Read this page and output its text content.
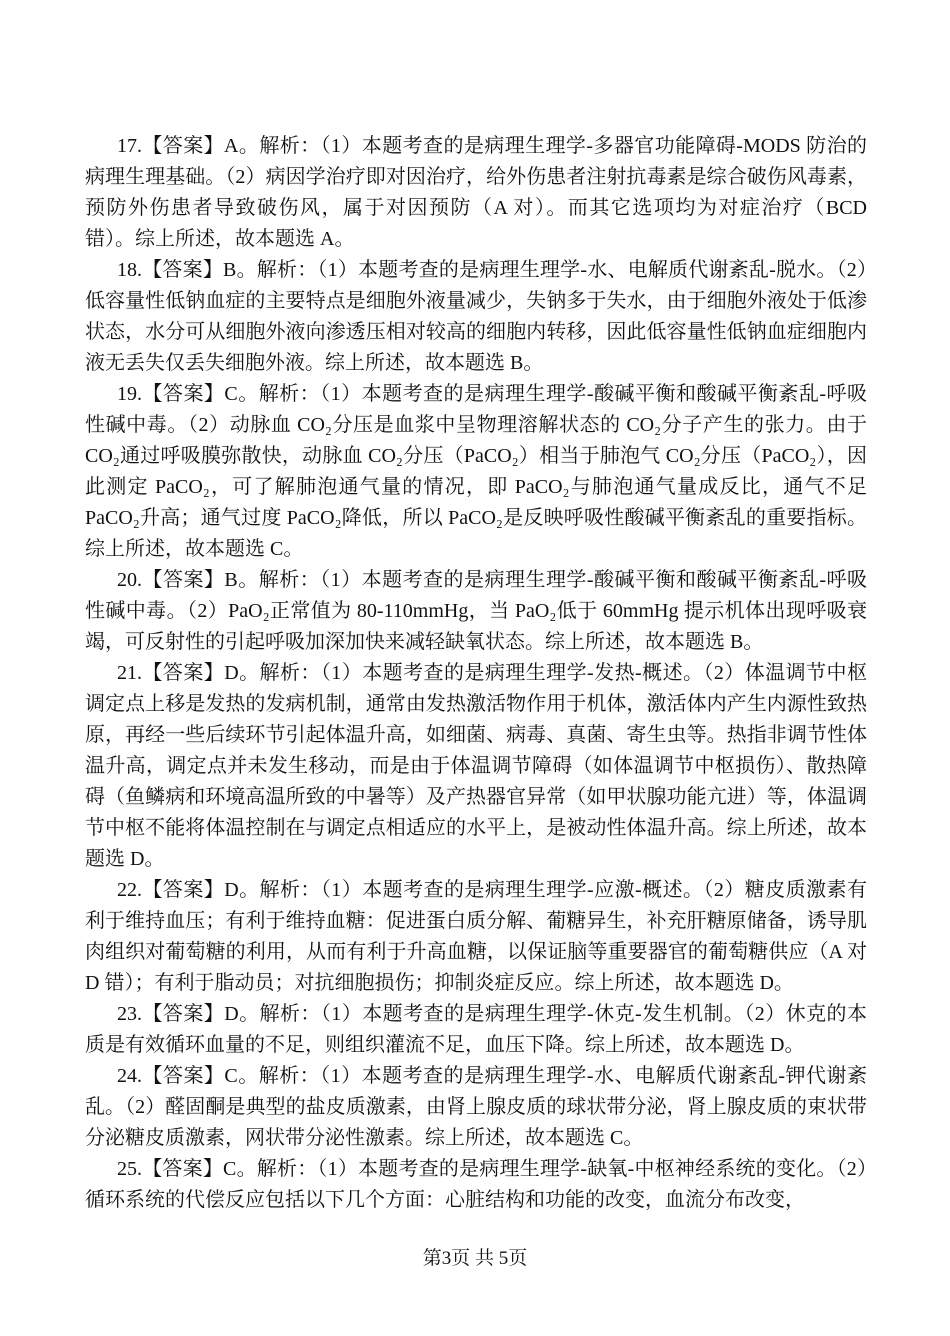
17.【答案】A。解析：（1）本题考查的是病理生理学-多器官功能障碍-MODS 防治的病理生理基础。（2）病因学治疗即对因治疗，给外伤患者注射抗毒素是综合破伤风毒素，预防外伤患者导致破伤风，属于对因预防（A 对）。而其它选项均为对症治疗（BCD 错）。综上所述，故本题选 A。

18.【答案】B。解析：（1）本题考查的是病理生理学-水、电解质代谢紊乱-脱水。（2）低容量性低钠血症的主要特点是细胞外液量减少，失钠多于失水，由于细胞外液处于低渗状态，水分可从细胞外液向渗透压相对较高的细胞内转移，因此低容量性低钠血症细胞内液无丢失仅丢失细胞外液。综上所述，故本题选 B。

19.【答案】C。解析：（1）本题考查的是病理生理学-酸碱平衡和酸碱平衡紊乱-呼吸性碱中毒。（2）动脉血 CO₂分压是血浆中呈物理溶解状态的 CO₂分子产生的张力。由于 CO₂通过呼吸膜弥散快，动脉血 CO₂分压（PaCO₂）相当于肺泡气 CO₂分压（PaCO₂），因此测定 PaCO₂，可了解肺泡通气量的情况，即 PaCO₂与肺泡通气量成反比，通气不足 PaCO₂升高；通气过度 PaCO₂降低，所以 PaCO₂是反映呼吸性酸碱平衡紊乱的重要指标。综上所述，故本题选 C。

20.【答案】B。解析：（1）本题考查的是病理生理学-酸碱平衡和酸碱平衡紊乱-呼吸性碱中毒。（2）PaO₂正常值为 80-110mmHg，当 PaO₂低于 60mmHg 提示机体出现呼吸衰竭，可反射性的引起呼吸加深加快来减轻缺氧状态。综上所述，故本题选 B。

21.【答案】D。解析：（1）本题考查的是病理生理学-发热-概述。（2）体温调节中枢调定点上移是发热的发病机制，通常由发热激活物作用于机体，激活体内产生内源性致热原，再经一些后续环节引起体温升高，如细菌、病毒、真菌、寄生虫等。热指非调节性体温升高，调定点并未发生移动，而是由于体温调节障碍（如体温调节中枢损伤）、散热障碍（鱼鳞病和环境高温所致的中暑等）及产热器官异常（如甲状腺功能亢进）等，体温调节中枢不能将体温控制在与调定点相适应的水平上，是被动性体温升高。综上所述，故本题选 D。

22.【答案】D。解析：（1）本题考查的是病理生理学-应激-概述。（2）糖皮质激素有利于维持血压；有利于维持血糖：促进蛋白质分解、葡糖异生，补充肝糖原储备，诱导肌肉组织对葡萄糖的利用，从而有利于升高血糖，以保证脑等重要器官的葡萄糖供应（A 对 D 错）；有利于脂动员；对抗细胞损伤；抑制炎症反应。综上所述，故本题选 D。

23.【答案】D。解析：（1）本题考查的是病理生理学-休克-发生机制。（2）休克的本质是有效循环血量的不足，则组织灌流不足，血压下降。综上所述，故本题选 D。

24.【答案】C。解析：（1）本题考查的是病理生理学-水、电解质代谢紊乱-钾代谢紊乱。（2）醛固酮是典型的盐皮质激素，由肾上腺皮质的球状带分泌，肾上腺皮质的束状带分泌糖皮质激素，网状带分泌性激素。综上所述，故本题选 C。

25.【答案】C。解析：（1）本题考查的是病理生理学-缺氧-中枢神经系统的变化。（2）循环系统的代偿反应包括以下几个方面：心脏结构和功能的改变，血流分布改变，

第3页 共 5页
